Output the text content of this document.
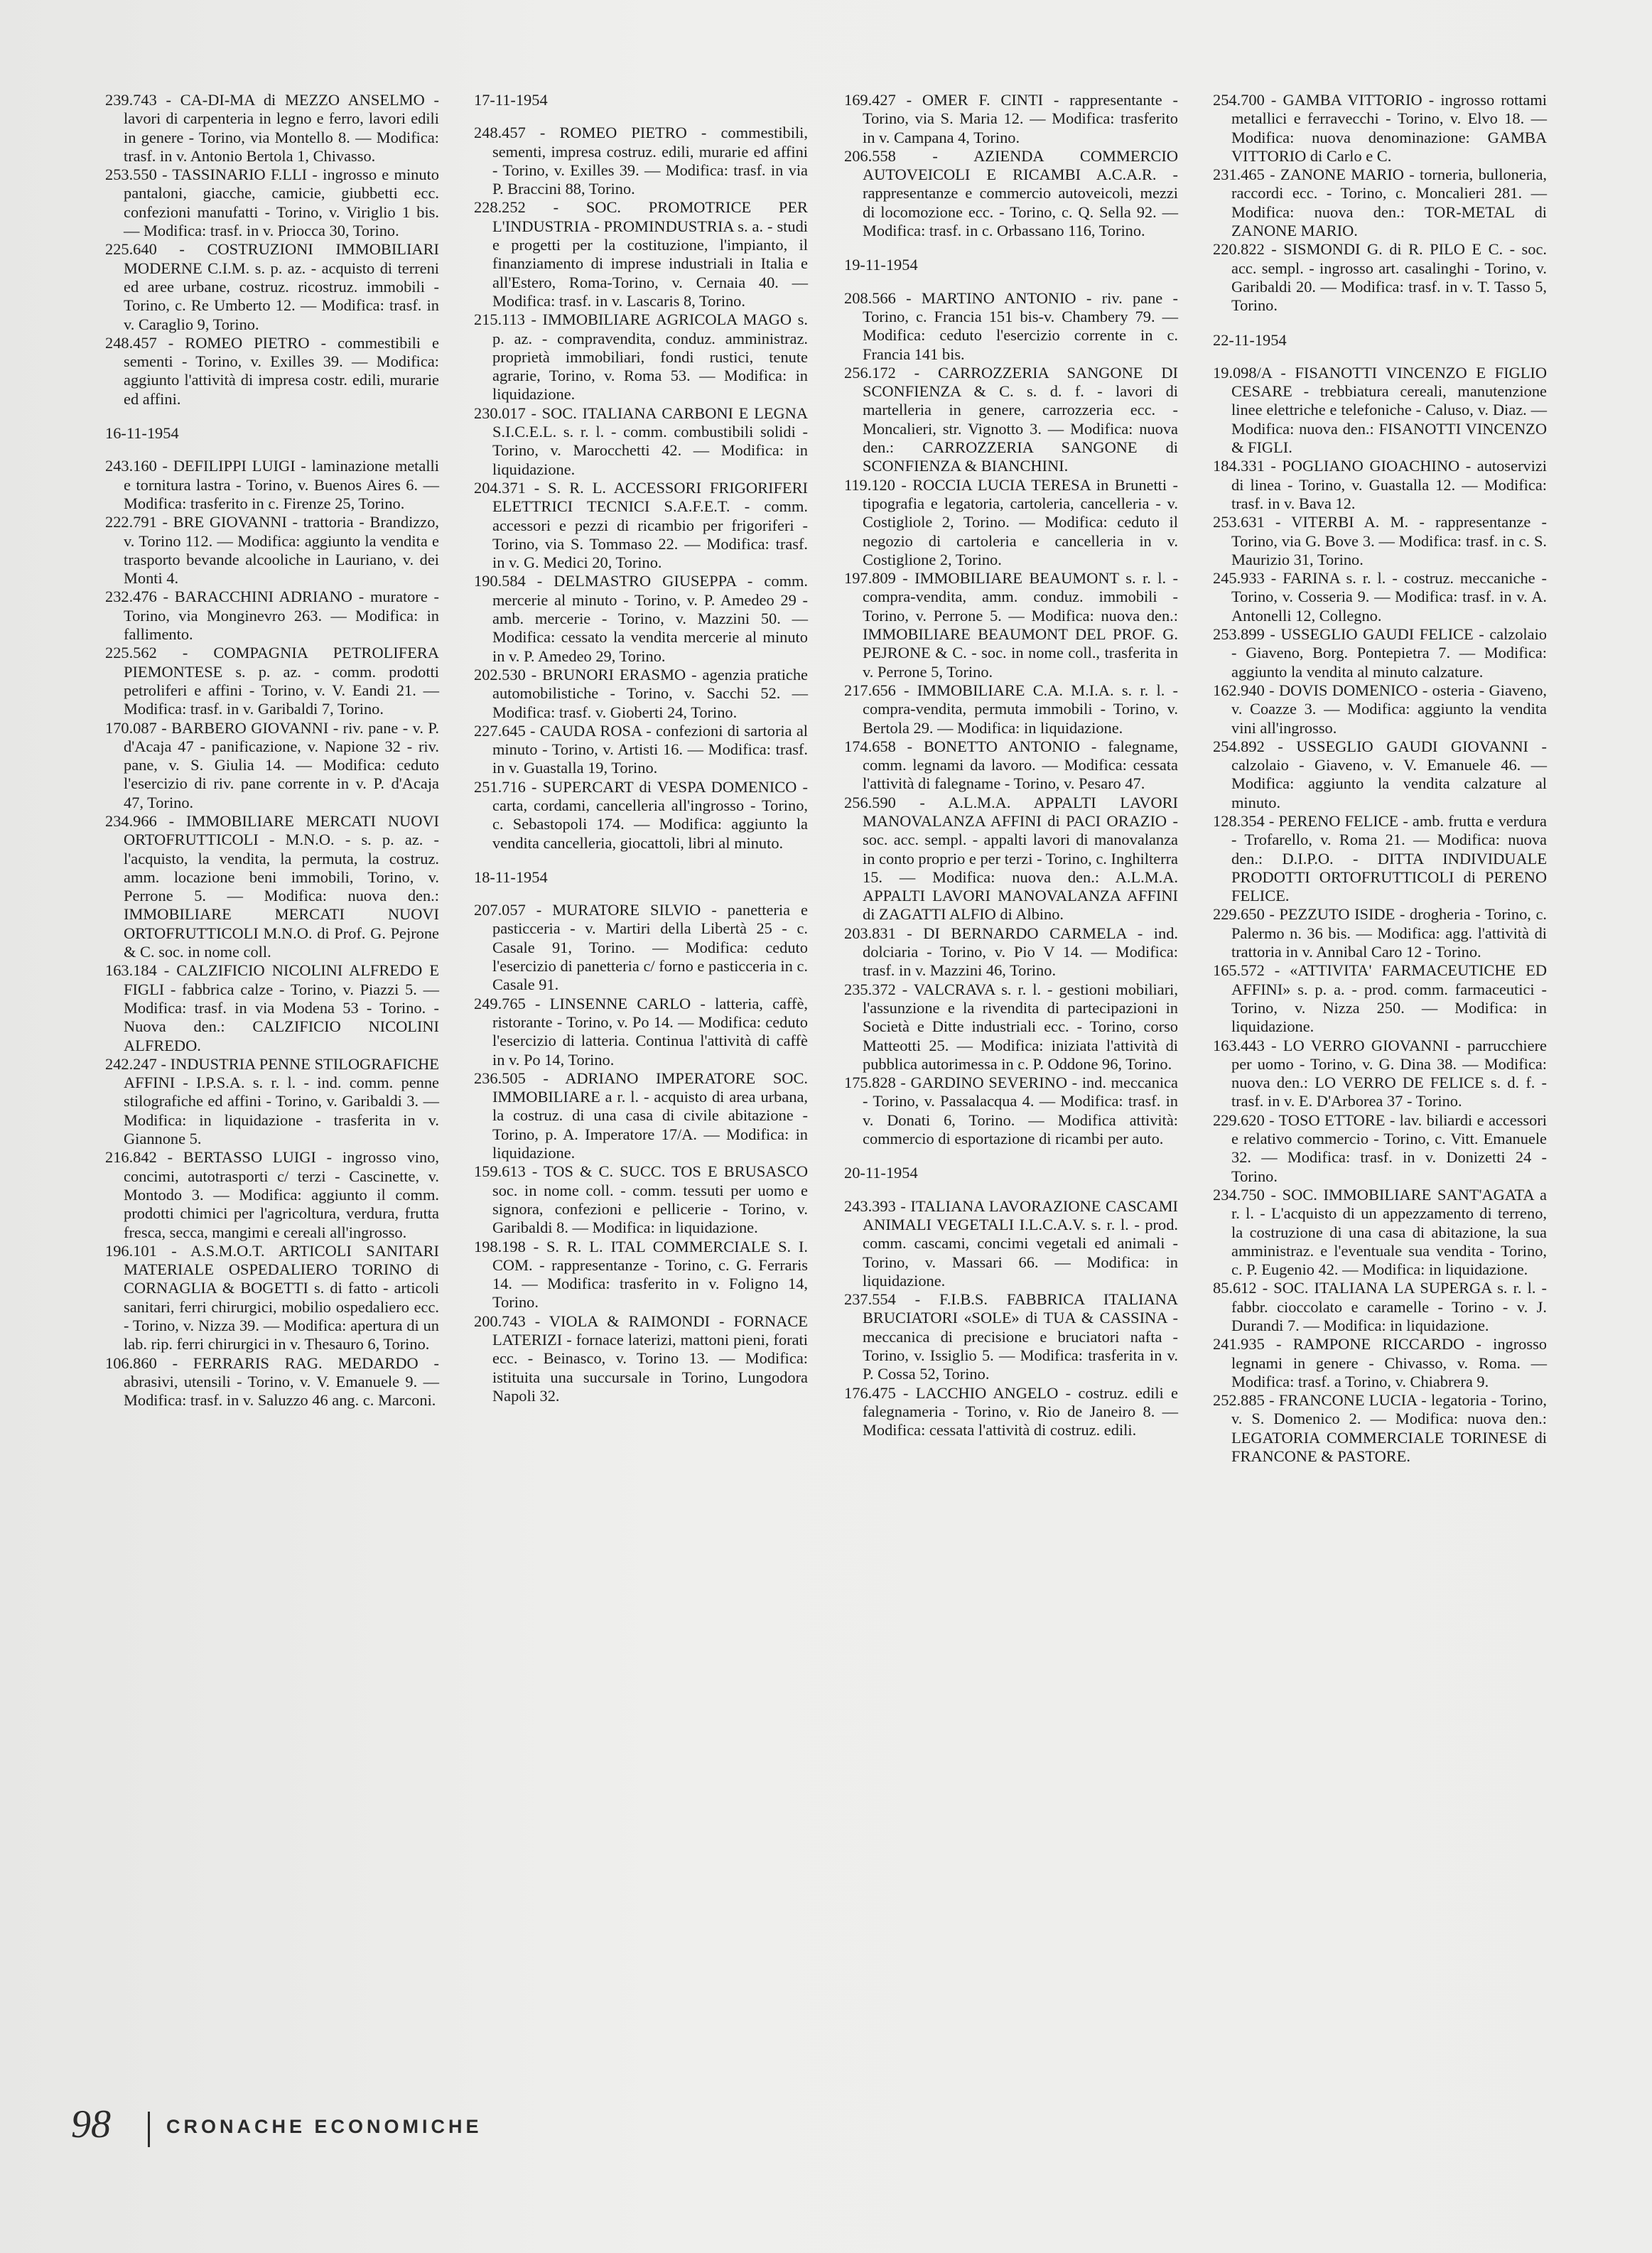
239.743 - CA-DI-MA di MEZZO ANSELMO - lavori di carpenteria in legno e ferro, lavori edili in genere - Torino, via Montello 8. — Modifica: trasf. in v. Antonio Bertola 1, Chivasso.

253.550 - TASSINARIO F.LLI - ingrosso e minuto pantaloni, giacche, camicie, giubbetti ecc. confezioni manufatti - Torino, v. Viriglio 1 bis. — Modifica: trasf. in v. Priocca 30, Torino.

225.640 - COSTRUZIONI IMMOBILIARI MODERNE C.I.M. s. p. az. - acquisto di terreni ed aree urbane, costruz. ricostruz. immobili - Torino, c. Re Umberto 12. — Modifica: trasf. in v. Caraglio 9, Torino.

248.457 - ROMEO PIETRO - commestibili e sementi - Torino, v. Exilles 39. — Modifica: aggiunto l'attività di impresa costr. edili, murarie ed affini.

16-11-1954

243.160 - DEFILIPPI LUIGI - laminazione metalli e tornitura lastra - Torino, v. Buenos Aires 6. — Modifica: trasferito in c. Firenze 25, Torino.

222.791 - BRE GIOVANNI - trattoria - Brandizzo, v. Torino 112. — Modifica: aggiunto la vendita e trasporto bevande alcooliche in Lauriano, v. dei Monti 4.

232.476 - BARACCHINI ADRIANO - muratore - Torino, via Monginevro 263. — Modifica: in fallimento.

225.562 - COMPAGNIA PETROLIFERA PIEMONTESE s. p. az. - comm. prodotti petroliferi e affini - Torino, v. V. Eandi 21. — Modifica: trasf. in v. Garibaldi 7, Torino.

170.087 - BARBERO GIOVANNI - riv. pane - v. P. d'Acaja 47 - panificazione, v. Napione 32 - riv. pane, v. S. Giulia 14. — Modifica: ceduto l'esercizio di riv. pane corrente in v. P. d'Acaja 47, Torino.

234.966 - IMMOBILIARE MERCATI NUOVI ORTOFRUTTICOLI - M.N.O. - s. p. az. - l'acquisto, la vendita, la permuta, la costruz. amm. locazione beni immobili, Torino, v. Perrone 5. — Modifica: nuova den.: IMMOBILIARE MERCATI NUOVI ORTOFRUTTICOLI M.N.O. di Prof. G. Pejrone & C. soc. in nome coll.

163.184 - CALZIFICIO NICOLINI ALFREDO E FIGLI - fabbrica calze - Torino, v. Piazzi 5. — Modifica: trasf. in via Modena 53 - Torino. - Nuova den.: CALZIFICIO NICOLINI ALFREDO.

242.247 - INDUSTRIA PENNE STILOGRAFICHE AFFINI - I.P.S.A. s. r. l. - ind. comm. penne stilografiche ed affini - Torino, v. Garibaldi 3. — Modifica: in liquidazione - trasferita in v. Giannone 5.

216.842 - BERTASSO LUIGI - ingrosso vino, concimi, autotrasporti c/ terzi - Cascinette, v. Montodo 3. — Modifica: aggiunto il comm. prodotti chimici per l'agricoltura, verdura, frutta fresca, secca, mangimi e cereali all'ingrosso.

196.101 - A.S.M.O.T. ARTICOLI SANITARI MATERIALE OSPEDALIERO TORINO di CORNAGLIA & BOGETTI s. di fatto - articoli sanitari, ferri chirurgici, mobilio ospedaliero ecc. - Torino, v. Nizza 39. — Modifica: apertura di un lab. rip. ferri chirurgici in v. Thesauro 6, Torino.

106.860 - FERRARIS RAG. MEDARDO - abrasivi, utensili - Torino, v. V. Emanuele 9. — Modifica: trasf. in v. Saluzzo 46 ang. c. Marconi.

17-11-1954

248.457 - ROMEO PIETRO - commestibili, sementi, impresa costruz. edili, murarie ed affini - Torino, v. Exilles 39. — Modifica: trasf. in via P. Braccini 88, Torino.

228.252 - SOC. PROMOTRICE PER L'INDUSTRIA - PROMINDUSTRIA s. a. - studi e progetti per la costituzione, l'impianto, il finanziamento di imprese industriali in Italia e all'Estero, Roma-Torino, v. Cernaia 40. — Modifica: trasf. in v. Lascaris 8, Torino.

215.113 - IMMOBILIARE AGRICOLA MAGO s. p. az. - compravendita, conduz. amministraz. proprietà immobiliari, fondi rustici, tenute agrarie, Torino, v. Roma 53. — Modifica: in liquidazione.

230.017 - SOC. ITALIANA CARBONI E LEGNA S.I.C.E.L. s. r. l. - comm. combustibili solidi - Torino, v. Marocchetti 42. — Modifica: in liquidazione.

204.371 - S. R. L. ACCESSORI FRIGORIFERI ELETTRICI TECNICI S.A.F.E.T. - comm. accessori e pezzi di ricambio per frigoriferi - Torino, via S. Tommaso 22. — Modifica: trasf. in v. G. Medici 20, Torino.

190.584 - DELMASTRO GIUSEPPA - comm. mercerie al minuto - Torino, v. P. Amedeo 29 - amb. mercerie - Torino, v. Mazzini 50. — Modifica: cessato la vendita mercerie al minuto in v. P. Amedeo 29, Torino.

202.530 - BRUNORI ERASMO - agenzia pratiche automobilistiche - Torino, v. Sacchi 52. — Modifica: trasf. v. Gioberti 24, Torino.

227.645 - CAUDA ROSA - confezioni di sartoria al minuto - Torino, v. Artisti 16. — Modifica: trasf. in v. Guastalla 19, Torino.

251.716 - SUPERCART di VESPA DOMENICO - carta, cordami, cancelleria all'ingrosso - Torino, c. Sebastopoli 174. — Modifica: aggiunto la vendita cancelleria, giocattoli, libri al minuto.

18-11-1954

207.057 - MURATORE SILVIO - panetteria e pasticceria - v. Martiri della Libertà 25 - c. Casale 91, Torino. — Modifica: ceduto l'esercizio di panetteria c/ forno e pasticceria in c. Casale 91.

249.765 - LINSENNE CARLO - latteria, caffè, ristorante - Torino, v. Po 14. — Modifica: ceduto l'esercizio di latteria. Continua l'attività di caffè in v. Po 14, Torino.

236.505 - ADRIANO IMPERATORE SOC. IMMOBILIARE a r. l. - acquisto di area urbana, la costruz. di una casa di civile abitazione - Torino, p. A. Imperatore 17/A. — Modifica: in liquidazione.

159.613 - TOS & C. SUCC. TOS E BRUSASCO soc. in nome coll. - comm. tessuti per uomo e signora, confezioni e pellicerie - Torino, v. Garibaldi 8. — Modifica: in liquidazione.

198.198 - S. R. L. ITAL COMMERCIALE S. I. COM. - rappresentanze - Torino, c. G. Ferraris 14. — Modifica: trasferito in v. Foligno 14, Torino.

200.743 - VIOLA & RAIMONDI - FORNACE LATERIZI - fornace laterizi, mattoni pieni, forati ecc. - Beinasco, v. Torino 13. — Modifica: istituita una succursale in Torino, Lungodora Napoli 32.

169.427 - OMER F. CINTI - rappresentante - Torino, via S. Maria 12. — Modifica: trasferito in v. Campana 4, Torino.

206.558 - AZIENDA COMMERCIO AUTOVEICOLI E RICAMBI A.C.A.R. - rappresentanze e commercio autoveicoli, mezzi di locomozione ecc. - Torino, c. Q. Sella 92. — Modifica: trasf. in c. Orbassano 116, Torino.

19-11-1954

208.566 - MARTINO ANTONIO - riv. pane - Torino, c. Francia 151 bis-v. Chambery 79. — Modifica: ceduto l'esercizio corrente in c. Francia 141 bis.

256.172 - CARROZZERIA SANGONE DI SCONFIENZA & C. s. d. f. - lavori di martelleria in genere, carrozzeria ecc. - Moncalieri, str. Vignotto 3. — Modifica: nuova den.: CARROZZERIA SANGONE di SCONFIENZA & BIANCHINI.

119.120 - ROCCIA LUCIA TERESA in Brunetti - tipografia e legatoria, cartoleria, cancelleria - v. Costigliole 2, Torino. — Modifica: ceduto il negozio di cartoleria e cancelleria in v. Costiglione 2, Torino.

197.809 - IMMOBILIARE BEAUMONT s. r. l. - compra-vendita, amm. conduz. immobili - Torino, v. Perrone 5. — Modifica: nuova den.: IMMOBILIARE BEAUMONT DEL PROF. G. PEJRONE & C. - soc. in nome coll., trasferita in v. Perrone 5, Torino.

217.656 - IMMOBILIARE C.A. M.I.A. s. r. l. - compra-vendita, permuta immobili - Torino, v. Bertola 29. — Modifica: in liquidazione.

174.658 - BONETTO ANTONIO - falegname, comm. legnami da lavoro. — Modifica: cessata l'attività di falegname - Torino, v. Pesaro 47.

256.590 - A.L.M.A. APPALTI LAVORI MANOVALANZA AFFINI di PACI ORAZIO - soc. acc. sempl. - appalti lavori di manovalanza in conto proprio e per terzi - Torino, c. Inghilterra 15. — Modifica: nuova den.: A.L.M.A. APPALTI LAVORI MANOVALANZA AFFINI di ZAGATTI ALFIO di Albino.

203.831 - DI BERNARDO CARMELA - ind. dolciaria - Torino, v. Pio V 14. — Modifica: trasf. in v. Mazzini 46, Torino.

235.372 - VALCRAVA s. r. l. - gestioni mobiliari, l'assunzione e la rivendita di partecipazioni in Società e Ditte industriali ecc. - Torino, corso Matteotti 25. — Modifica: iniziata l'attività di pubblica autorimessa in c. P. Oddone 96, Torino.

175.828 - GARDINO SEVERINO - ind. meccanica - Torino, v. Passalacqua 4. — Modifica: trasf. in v. Donati 6, Torino. — Modifica attività: commercio di esportazione di ricambi per auto.

20-11-1954

243.393 - ITALIANA LAVORAZIONE CASCAMI ANIMALI VEGETALI I.L.C.A.V. s. r. l. - prod. comm. cascami, concimi vegetali ed animali - Torino, v. Massari 66. — Modifica: in liquidazione.

237.554 - F.I.B.S. FABBRICA ITALIANA BRUCIATORI «SOLE» di TUA & CASSINA - meccanica di precisione e bruciatori nafta - Torino, v. Issiglio 5. — Modifica: trasferita in v. P. Cossa 52, Torino.

176.475 - LACCHIO ANGELO - costruz. edili e falegnameria - Torino, v. Rio de Janeiro 8. — Modifica: cessata l'attività di costruz. edili.

254.700 - GAMBA VITTORIO - ingrosso rottami metallici e ferravecchi - Torino, v. Elvo 18. — Modifica: nuova denominazione: GAMBA VITTORIO di Carlo e C.

231.465 - ZANONE MARIO - torneria, bulloneria, raccordi ecc. - Torino, c. Moncalieri 281. — Modifica: nuova den.: TOR-METAL di ZANONE MARIO.

220.822 - SISMONDI G. di R. PILO E C. - soc. acc. sempl. - ingrosso art. casalinghi - Torino, v. Garibaldi 20. — Modifica: trasf. in v. T. Tasso 5, Torino.

22-11-1954

19.098/A - FISANOTTI VINCENZO E FIGLIO CESARE - trebbiatura cereali, manutenzione linee elettriche e telefoniche - Caluso, v. Diaz. — Modifica: nuova den.: FISANOTTI VINCENZO & FIGLI.

184.331 - POGLIANO GIOACHINO - autoservizi di linea - Torino, v. Guastalla 12. — Modifica: trasf. in v. Bava 12.

253.631 - VITERBI A. M. - rappresentanze - Torino, via G. Bove 3. — Modifica: trasf. in c. S. Maurizio 31, Torino.

245.933 - FARINA s. r. l. - costruz. meccaniche - Torino, v. Cosseria 9. — Modifica: trasf. in v. A. Antonelli 12, Collegno.

253.899 - USSEGLIO GAUDI FELICE - calzolaio - Giaveno, Borg. Pontepietra 7. — Modifica: aggiunto la vendita al minuto calzature.

162.940 - DOVIS DOMENICO - osteria - Giaveno, v. Coazze 3. — Modifica: aggiunto la vendita vini all'ingrosso.

254.892 - USSEGLIO GAUDI GIOVANNI - calzolaio - Giaveno, v. V. Emanuele 46. — Modifica: aggiunto la vendita calzature al minuto.

128.354 - PERENO FELICE - amb. frutta e verdura - Trofarello, v. Roma 21. — Modifica: nuova den.: D.I.P.O. - DITTA INDIVIDUALE PRODOTTI ORTOFRUTTICOLI di PERENO FELICE.

229.650 - PEZZUTO ISIDE - drogheria - Torino, c. Palermo n. 36 bis. — Modifica: agg. l'attività di trattoria in v. Annibal Caro 12 - Torino.

165.572 - «ATTIVITA' FARMACEUTICHE ED AFFINI» s. p. a. - prod. comm. farmaceutici - Torino, v. Nizza 250. — Modifica: in liquidazione.

163.443 - LO VERRO GIOVANNI - parrucchiere per uomo - Torino, v. G. Dina 38. — Modifica: nuova den.: LO VERRO DE FELICE s. d. f. - trasf. in v. E. D'Arborea 37 - Torino.

229.620 - TOSO ETTORE - lav. biliardi e accessori e relativo commercio - Torino, c. Vitt. Emanuele 32. — Modifica: trasf. in v. Donizetti 24 - Torino.

234.750 - SOC. IMMOBILIARE SANT'AGATA a r. l. - L'acquisto di un appezzamento di terreno, la costruzione di una casa di abitazione, la sua amministraz. e l'eventuale sua vendita - Torino, c. P. Eugenio 42. — Modifica: in liquidazione.

85.612 - SOC. ITALIANA LA SUPERGA s. r. l. - fabbr. cioccolato e caramelle - Torino - v. J. Durandi 7. — Modifica: in liquidazione.

241.935 - RAMPONE RICCARDO - ingrosso legnami in genere - Chivasso, v. Roma. — Modifica: trasf. a Torino, v. Chiabrera 9.

252.885 - FRANCONE LUCIA - legatoria - Torino, v. S. Domenico 2. — Modifica: nuova den.: LEGATORIA COMMERCIALE TORINESE di FRANCONE & PASTORE.

98	CRONACHE ECONOMICHE
